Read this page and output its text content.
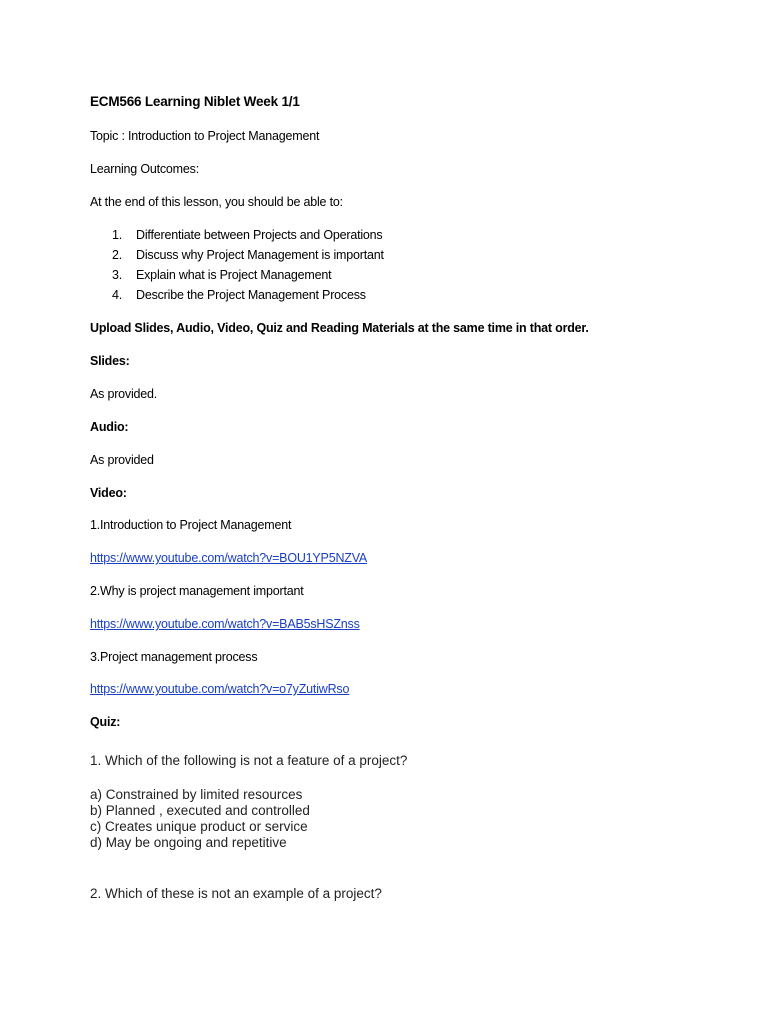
ECM566 Learning Niblet Week 1/1
Topic : Introduction to Project Management
Learning Outcomes:
At the end of this lesson, you should be able to:
1. Differentiate between Projects and Operations
2. Discuss why Project Management is important
3. Explain what is Project Management
4. Describe the Project Management Process
Upload Slides, Audio, Video, Quiz and Reading Materials at the same time in that order.
Slides:
As provided.
Audio:
As provided
Video:
1.Introduction to Project Management
https://www.youtube.com/watch?v=BOU1YP5NZVA
2.Why is project management important
https://www.youtube.com/watch?v=BAB5sHSZnss
3.Project management process
https://www.youtube.com/watch?v=o7yZutiwRso
Quiz:
1. Which of the following is not a feature of a project?
a) Constrained by limited resources
b) Planned , executed and controlled
c) Creates unique product or service
d) May be ongoing and repetitive
2. Which of these is not an example of a project?
